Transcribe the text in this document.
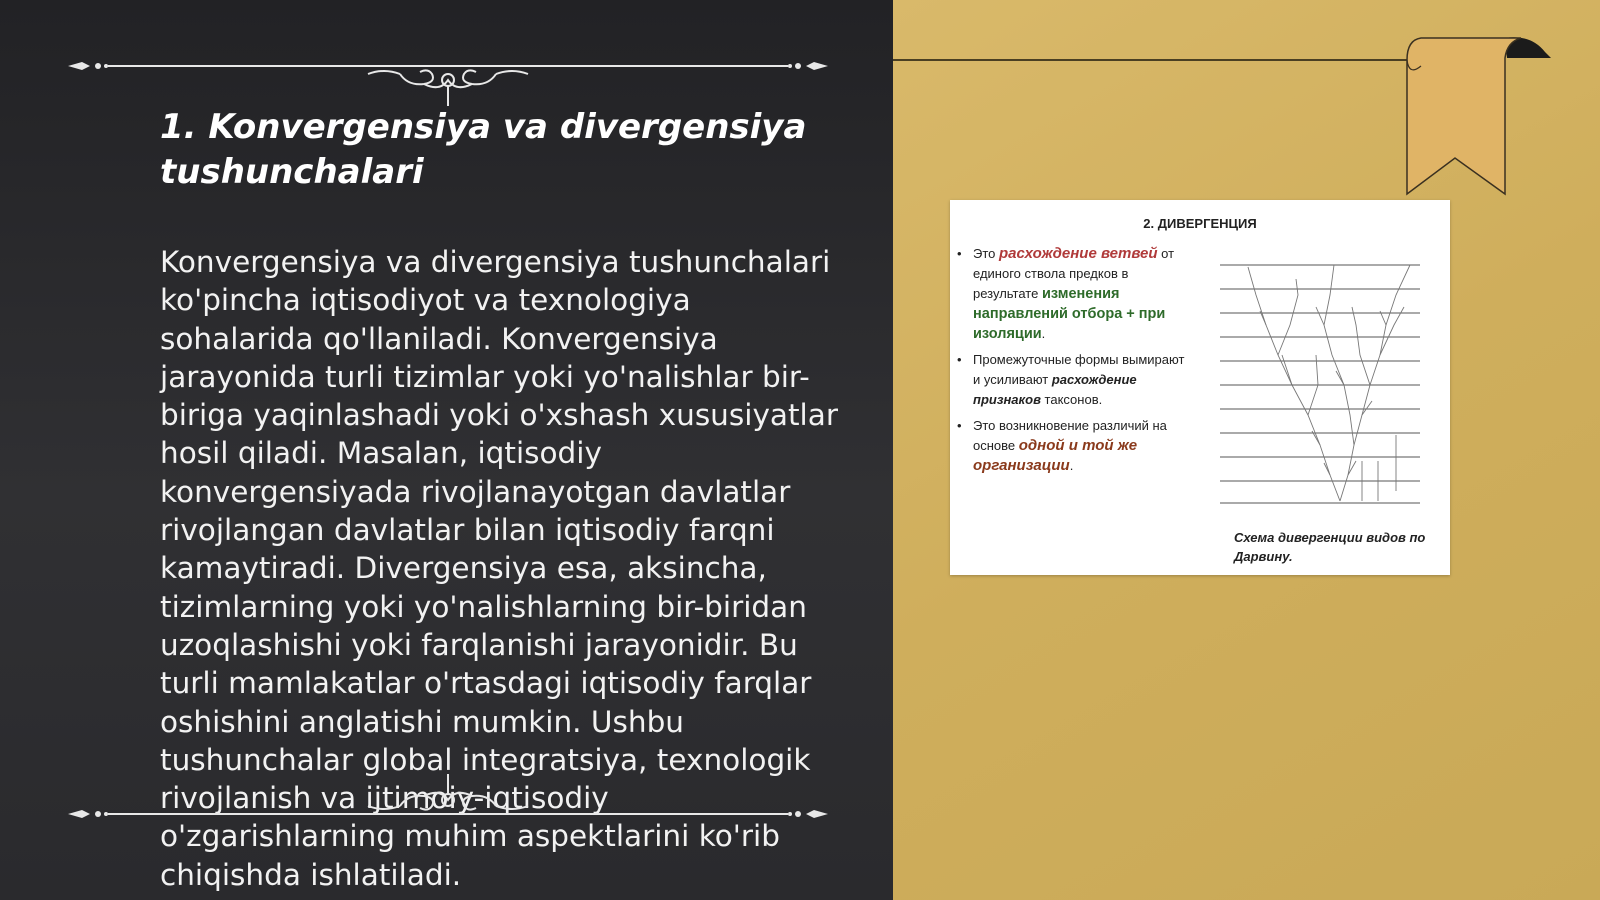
1. Konvergensiya va divergensiya tushunchalari

Konvergensiya va divergensiya tushunchalari ko'pincha iqtisodiyot va texnologiya sohalarida qo'llaniladi. Konvergensiya jarayonida turli tizimlar yoki yo'nalishlar bir-biriga yaqinlashadi yoki o'xshash xususiyatlar hosil qiladi. Masalan, iqtisodiy konvergensiyada rivojlanayotgan davlatlar rivojlangan davlatlar bilan iqtisodiy farqni kamaytiradi. Divergensiya esa, aksincha, tizimlarning yoki yo'nalishlarning bir-biridan uzoqlashishi yoki farqlanishi jarayonidir. Bu turli mamlakatlar o'rtasdagi iqtisodiy farqlar oshishini anglatishi mumkin. Ushbu tushunchalar global integratsiya, texnologik rivojlanish va ijtimoiy-iqtisodiy o'zgarishlarning muhim aspektlarini ko'rib chiqishda ishlatiladi.

2. ДИВЕРГЕНЦИЯ
• Это расхождение ветвей от единого ствола предков в результате изменения направлений отбора + при изоляции.
• Промежуточные формы вымирают и усиливают расхождение признаков таксонов.
• Это возникновение различий на основе одной и той же организации.
Схема дивергенции видов по Дарвину.
